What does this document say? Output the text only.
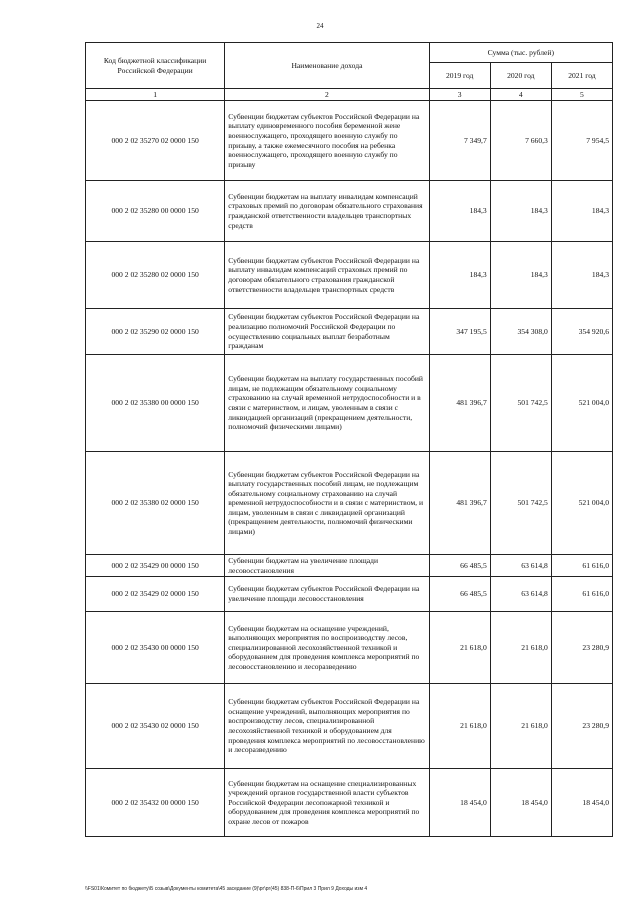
24
Код бюджетной классификации Российской Федерации	Наименование дохода	Сумма (тыс. рублей)		
		2019 год	2020 год	2021 год
1	2	3	4	5
000 2 02 35270 02 0000 150	Субвенции бюджетам субъектов Российской Федерации на выплату единовременного пособия беременной жене военнослужащего, проходящего военную службу по призыву, а также ежемесячного пособия на ребенка военнослужащего, проходящего военную службу по призыву	7 349,7	7 660,3	7 954,5
000 2 02 35280 00 0000 150	Субвенции бюджетам на выплату инвалидам компенсаций страховых премий по договорам обязательного страхования гражданской ответственности владельцев транспортных средств	184,3	184,3	184,3
000 2 02 35280 02 0000 150	Субвенции бюджетам субъектов Российской Федерации на выплату инвалидам компенсаций страховых премий по договорам обязательного страхования гражданской ответственности владельцев транспортных средств	184,3	184,3	184,3
000 2 02 35290 02 0000 150	Субвенции бюджетам субъектов Российской Федерации на реализацию полномочий Российской Федерации по осуществлению социальных выплат безработным гражданам	347 195,5	354 308,0	354 920,6
000 2 02 35380 00 0000 150	Субвенции бюджетам на выплату государственных пособий лицам, не подлежащим обязательному социальному страхованию на случай временной нетрудоспособности и в связи с материнством, и лицам, уволенным в связи с ликвидацией организаций (прекращением деятельности, полномочий физическими лицами)	481 396,7	501 742,5	521 004,0
000 2 02 35380 02 0000 150	Субвенции бюджетам субъектов Российской Федерации на выплату государственных пособий лицам, не подлежащим обязательному социальному страхованию на случай временной нетрудоспособности и в связи с материнством, и лицам, уволенным в связи с ликвидацией организаций (прекращением деятельности, полномочий физическими лицами)	481 396,7	501 742,5	521 004,0
000 2 02 35429 00 0000 150	Субвенции бюджетам на увеличение площади лесовосстановления	66 485,5	63 614,8	61 616,0
000 2 02 35429 02 0000 150	Субвенции бюджетам субъектов Российской Федерации на увеличение площади лесовосстановления	66 485,5	63 614,8	61 616,0
000 2 02 35430 00 0000 150	Субвенции бюджетам на оснащение учреждений, выполняющих мероприятия по воспроизводству лесов, специализированной лесохозяйственной техникой и оборудованием для проведения комплекса мероприятий по лесовосстановлению и лесоразведению	21 618,0	21 618,0	23 280,9
000 2 02 35430 02 0000 150	Субвенции бюджетам субъектов Российской Федерации на оснащение учреждений, выполняющих мероприятия по воспроизводству лесов, специализированной лесохозяйственной техникой и оборудованием для проведения комплекса мероприятий по лесовосстановлению и лесоразведению	21 618,0	21 618,0	23 280,9
000 2 02 35432 00 0000 150	Субвенции бюджетам на оснащение специализированных учреждений органов государственной власти субъектов Российской Федерации лесопожарной техникой и оборудованием для проведения комплекса мероприятий по охране лесов от пожаров	18 454,0	18 454,0	18 454,0
\\FS01\Комитет по бюджету\Б созыв\Документы комитета\45 заседание (9)\рг\рг(45) 838-П-6\Прил 3 Прил 9 Доходы изм 4
